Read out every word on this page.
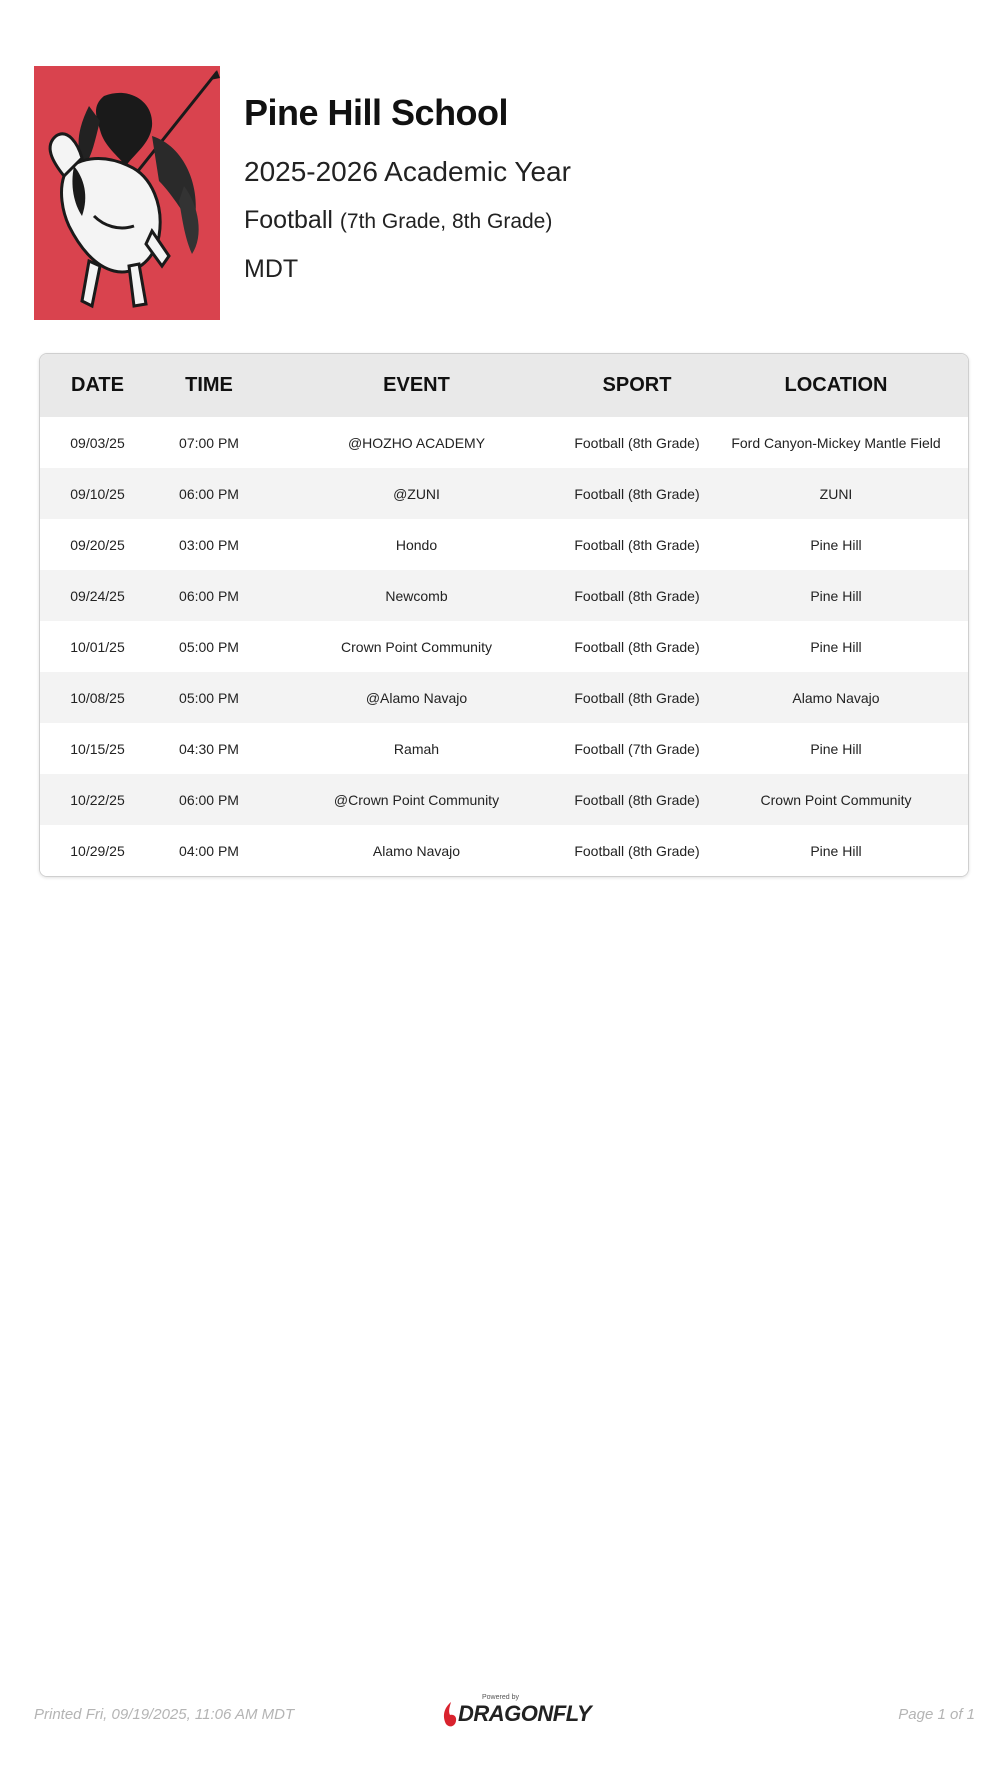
Pine Hill School
2025-2026 Academic Year
Football (7th Grade, 8th Grade)
MDT
DATE	TIME	EVENT	SPORT	LOCATION
09/03/25	07:00 PM	@HOZHO ACADEMY	Football (8th Grade)	Ford Canyon-Mickey Mantle Field
09/10/25	06:00 PM	@ZUNI	Football (8th Grade)	ZUNI
09/20/25	03:00 PM	Hondo	Football (8th Grade)	Pine Hill
09/24/25	06:00 PM	Newcomb	Football (8th Grade)	Pine Hill
10/01/25	05:00 PM	Crown Point Community	Football (8th Grade)	Pine Hill
10/08/25	05:00 PM	@Alamo Navajo	Football (8th Grade)	Alamo Navajo
10/15/25	04:30 PM	Ramah	Football (7th Grade)	Pine Hill
10/22/25	06:00 PM	@Crown Point Community	Football (8th Grade)	Crown Point Community
10/29/25	04:00 PM	Alamo Navajo	Football (8th Grade)	Pine Hill
Printed Fri, 09/19/2025, 11:06 AM MDT
Powered by
DRAGONFLY	Page 1 of 1
